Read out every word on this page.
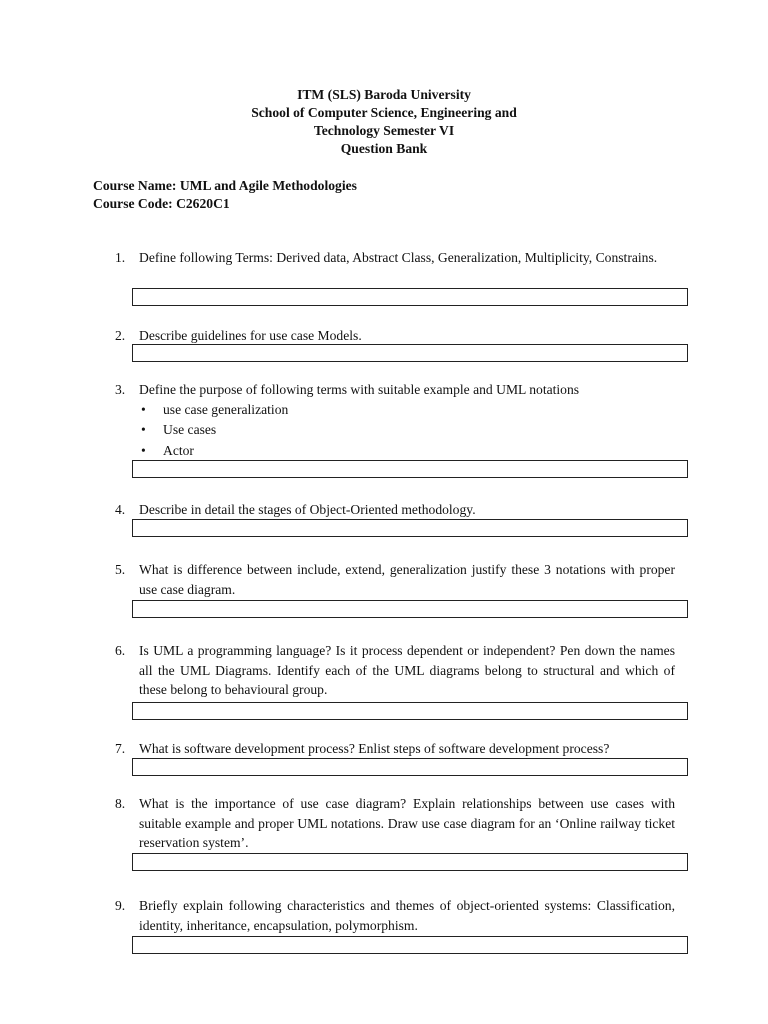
ITM (SLS) Baroda University
School of Computer Science, Engineering and
Technology Semester VI
Question Bank
Course Name: UML and Agile Methodologies
Course Code: C2620C1
1.	Define following Terms: Derived data, Abstract Class, Generalization, Multiplicity, Constrains.
2.	Describe guidelines for use case Models.
3.	Define the purpose of following terms with suitable example and UML notations
• use case generalization
• Use cases
• Actor
4.	Describe in detail the stages of Object-Oriented methodology.
5.	What is difference between include, extend, generalization justify these 3 notations with proper use case diagram.
6.	Is UML a programming language? Is it process dependent or independent? Pen down the names all the UML Diagrams. Identify each of the UML diagrams belong to structural and which of these belong to behavioural group.
7.	What is software development process? Enlist steps of software development process?
8.	What is the importance of use case diagram? Explain relationships between use cases with suitable example and proper UML notations. Draw use case diagram for an ‘Online railway ticket reservation system’.
9.	Briefly explain following characteristics and themes of object-oriented systems: Classification, identity, inheritance, encapsulation, polymorphism.
